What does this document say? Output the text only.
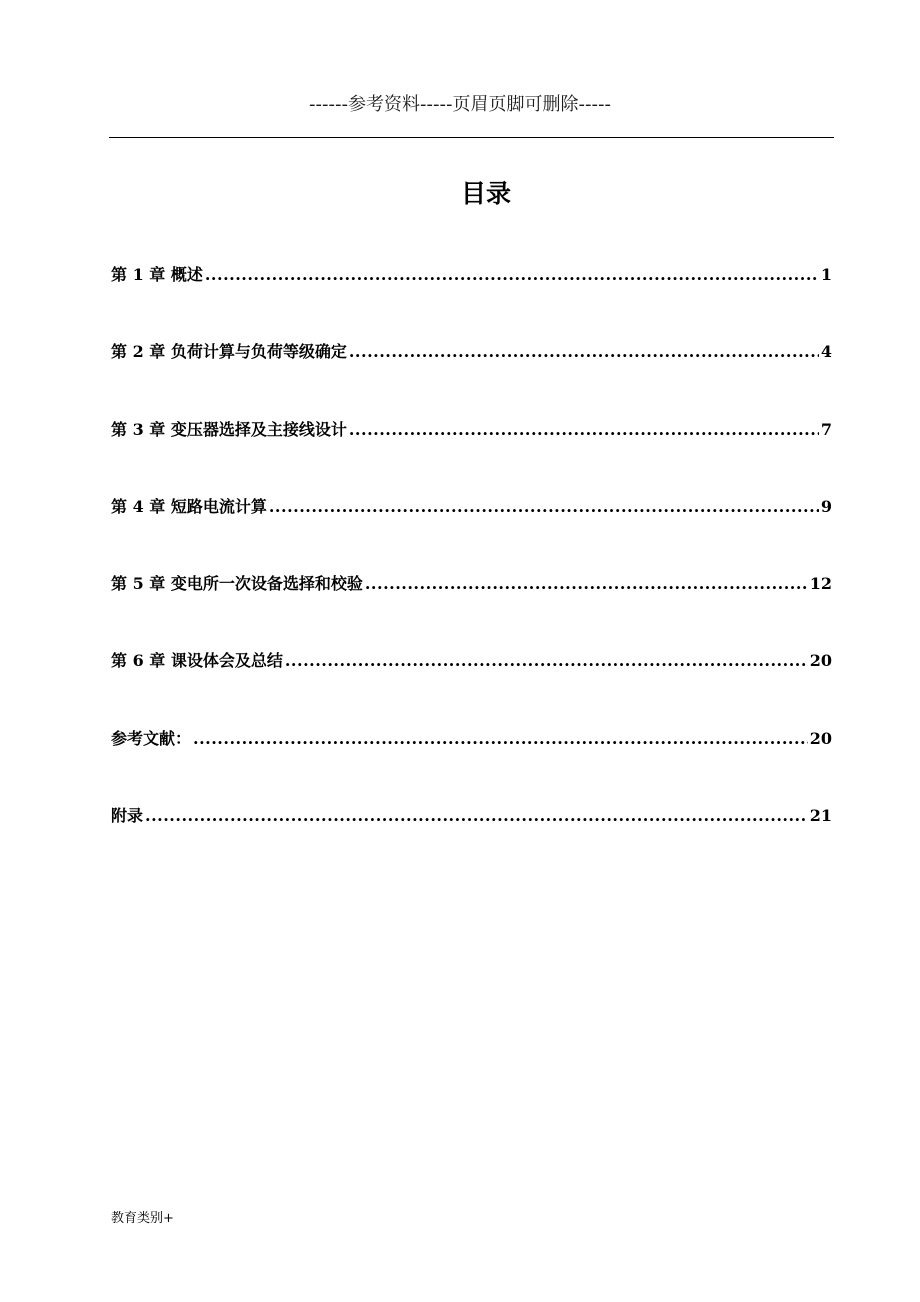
------参考资料-----页眉页脚可删除-----
目录
第 1 章 概述 .....	1
第 2 章 负荷计算与负荷等级确定 .....	4
第 3 章 变压器选择及主接线设计 .....	7
第 4 章 短路电流计算 .....	9
第 5 章 变电所一次设备选择和校验 .....	12
第 6 章 课设体会及总结 .....	20
参考文献： .....	20
附录 .....	21
教育类别+
